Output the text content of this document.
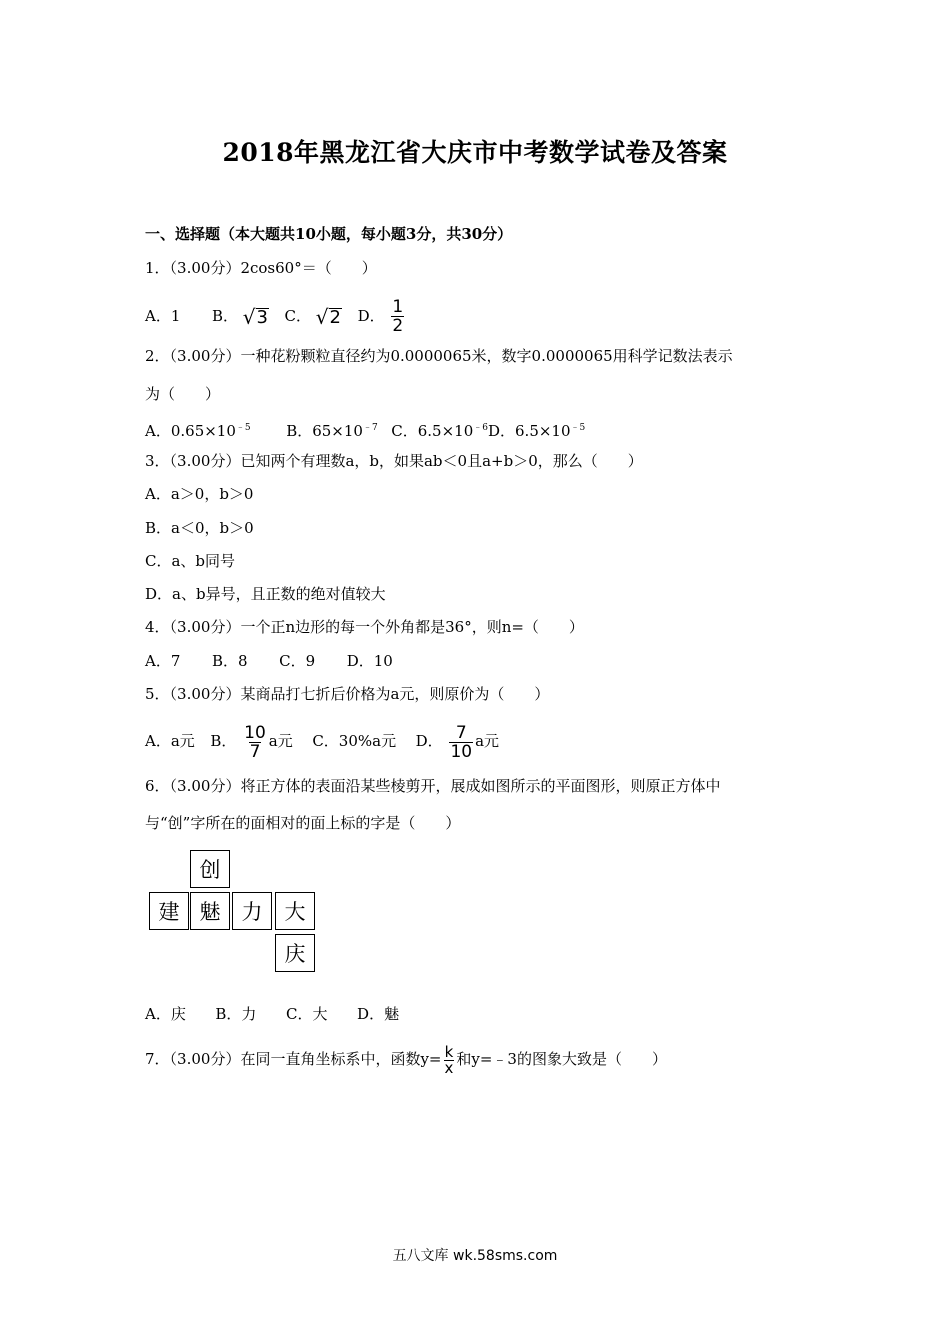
2018年黑龙江省大庆市中考数学试卷及答案
一、选择题（本大题共10小题，每小题3分，共30分）
1．（3.00分）2cos60°＝（　　）
A．1 B． √ 3 C． √ 2 D． $\frac{1}{2}$
2．（3.00分）一种花粉颗粒直径约为0.0000065米，数字0.0000065用科学记数法表示
为（　　）
A．$0.65\times 10^{﹣5}$ B．$65\times 10^{﹣7}$ C．$6.5\times 10^{﹣6}D$．$6.5\times 10^{﹣5}$
3．（3.00分）已知两个有理数a，b，如果ab＜0且a+b＞0，那么（　　）
A．a＞0，b＞0
B．a＜0，b＞0
C．a、b同号
D．a、b异号，且正数的绝对值较大
4．（3.00分）一个正n边形的每一个外角都是36°，则n=（　　）
A．7 B．8 C．9 D．10
5．（3.00分）某商品打七折后价格为a元，则原价为（　　）
A．a元 B． $\frac{10}{7}$ a元 C．30%a元 D． $\frac{7}{10}$ a元
6．（3.00分）将正方体的表面沿某些棱剪开，展成如图所示的平面图形，则原正方体中
与“创”字所在的面相对的面上标的字是（　　）
创
建 魅	力	大
庆
A．庆 B．力 C．大 D．魅
7．（3.00分）在同一直角坐标系中，函数$y= \frac{k}{x}$ 和y=﹣3的图象大致是（　　）
五八文库 wk.58sms.com
